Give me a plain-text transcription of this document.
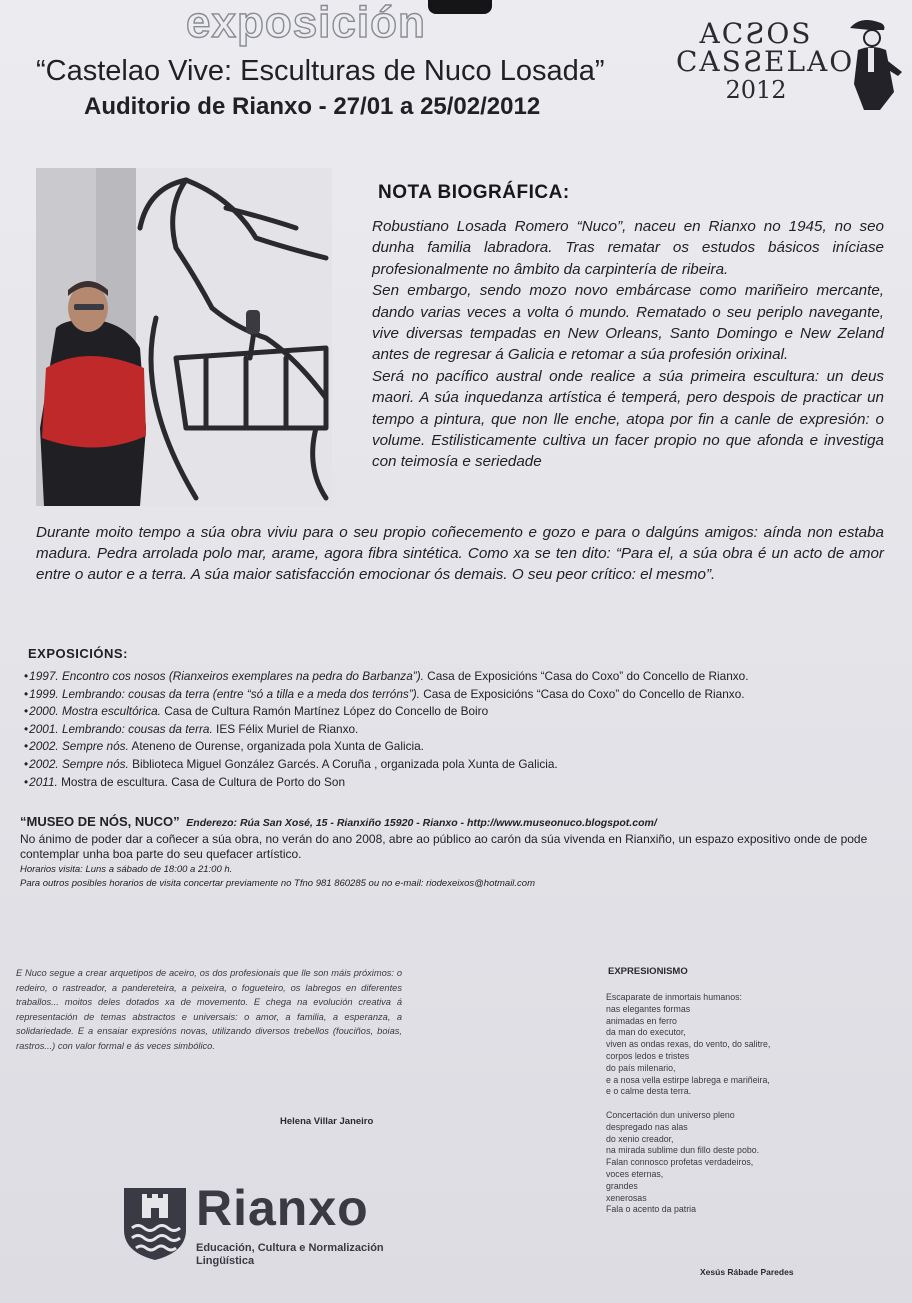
exposición
“Castelao Vive: Esculturas de Nuco Losada”
Auditorio de Rianxo - 27/01 a 25/02/2012
ACƧOS
CASƧELAO
2012
NOTA BIOGRÁFICA:

Robustiano Losada Romero “Nuco”, naceu en Rianxo no 1945, no seo dunha familia labradora. Tras rematar os estudos básicos iníciase profesionalmente no âmbito da carpintería de ribeira.

Sen embargo, sendo mozo novo embárcase como mariñeiro mercante, dando varias veces a volta ó mundo. Rematado o seu periplo navegante, vive diversas tempadas en New Orleans, Santo Domingo e New Zeland antes de regresar á Galicia e retomar a súa profesión orixinal.

Será no pacífico austral onde realice a súa primeira escultura: un deus maori. A súa inquedanza artística é temperá, pero despois de practicar un tempo a pintura, que non lle enche, atopa por fin a canle de expresión: o volume. Estilisticamente cultiva un facer propio no que afonda e investiga con teimosía e seriedade

Durante moito tempo a súa obra viviu para o seu propio coñecemento e gozo e para o dalgúns amigos: aínda non estaba madura. Pedra arrolada polo mar, arame, agora fibra sintética. Como xa se ten dito: “Para el, a súa obra é un acto de amor entre o autor e a terra. A súa maior satisfacción emocionar ós demais. O seu peor crítico: el mesmo”.
EXPOSICIÓNS:
• 1997. Encontro cos nosos (Rianxeiros exemplares na pedra do Barbanza”). Casa de Exposicións “Casa do Coxo” do Concello de Rianxo.
• 1999. Lembrando: cousas da terra (entre “só a tilla e a meda dos terróns”). Casa de Exposicións “Casa do Coxo” do Concello de Rianxo.
• 2000. Mostra escultórica. Casa de Cultura Ramón Martínez López do Concello de Boiro
• 2001. Lembrando: cousas da terra. IES Félix Muriel de Rianxo.
• 2002. Sempre nós. Ateneno de Ourense, organizada pola Xunta de Galicia.
• 2002. Sempre nós. Biblioteca Miguel González Garcés. A Coruña , organizada pola Xunta de Galicia.
• 2011. Mostra de escultura. Casa de Cultura de Porto do Son
“MUSEO DE NÓS, NUCO” Enderezo: Rúa San Xosé, 15 - Rianxiño 15920 - Rianxo - http://www.museonuco.blogspot.com/
No ánimo de poder dar a coñecer a súa obra, no verán do ano 2008, abre ao público ao carón da súa vivenda en Rianxiño, un espazo expositivo onde de pode contemplar unha boa parte do seu quefacer artístico.
Horarios visita: Luns a sábado de 18:00 a 21:00 h.
Para outros posibles horarios de visita concertar previamente no Tfno 981 860285 ou no e-mail: riodexeixos@hotmail.com
E Nuco segue a crear arquetipos de aceiro, os dos profesionais que lle son máis próximos: o redeiro, o rastreador, a pandereteira, a peixeira, o fogueteiro, os labregos en diferentes traballos... moitos deles dotados xa de movemento. E chega na evolución creativa á representación de temas abstractos e universais: o amor, a familia, a esperanza, a solidariedade. E a ensaiar expresións novas, utilizando diversos trebellos (fouciños, boias, rastros...) con valor formal e ás veces simbólico.
Helena Villar Janeiro
EXPRESIONISMO
Escaparate de inmortais humanos:
nas elegantes formas
animadas en ferro
da man do executor,
viven as ondas rexas, do vento, do salitre,
corpos ledos e tristes
do país milenario,
e a nosa vella estirpe labrega e mariñeira,
e o calme desta terra.

Concertación dun universo pleno
despregado nas alas
do xenio creador,
na mirada sublime dun fillo deste pobo.
Falan connosco profetas verdadeiros,
voces eternas,
grandes
xenerosas
Fala o acento da patria
Xesús Rábade Paredes
Rianxo
Educación, Cultura e Normalización Lingüística
